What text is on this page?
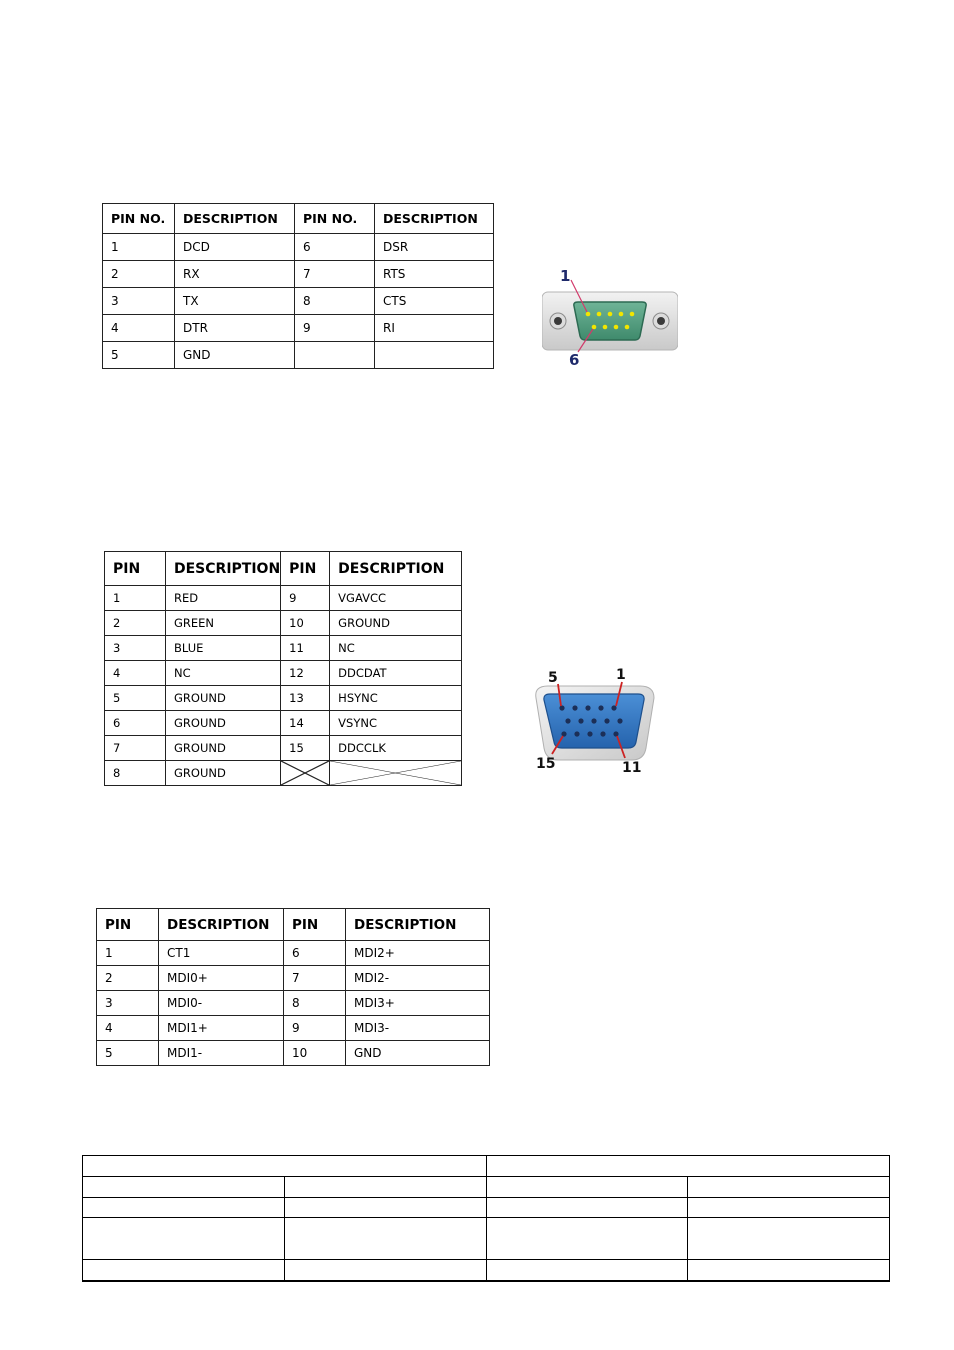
PIN NO.	DESCRIPTION	PIN NO.	DESCRIPTION
1	DCD	6	DSR
2	RX	7	RTS
3	TX	8	CTS
4	DTR	9	RI
5	GND		
1
6
PIN	DESCRIPTION	PIN	DESCRIPTION
1	RED	9	VGAVCC
2	GREEN	10	GROUND
3	BLUE	11	NC
4	NC	12	DDCDAT
5	GROUND	13	HSYNC
6	GROUND	14	VSYNC
7	GROUND	15	DDCCLK
8	GROUND	

5	1
15	11
PIN	DESCRIPTION	PIN	DESCRIPTION
1	CT1	6	MDI2+
2	MDI0+	7	MDI2-
3	MDI0-	8	MDI3+
4	MDI1+	9	MDI3-
5	MDI1-	10	GND
